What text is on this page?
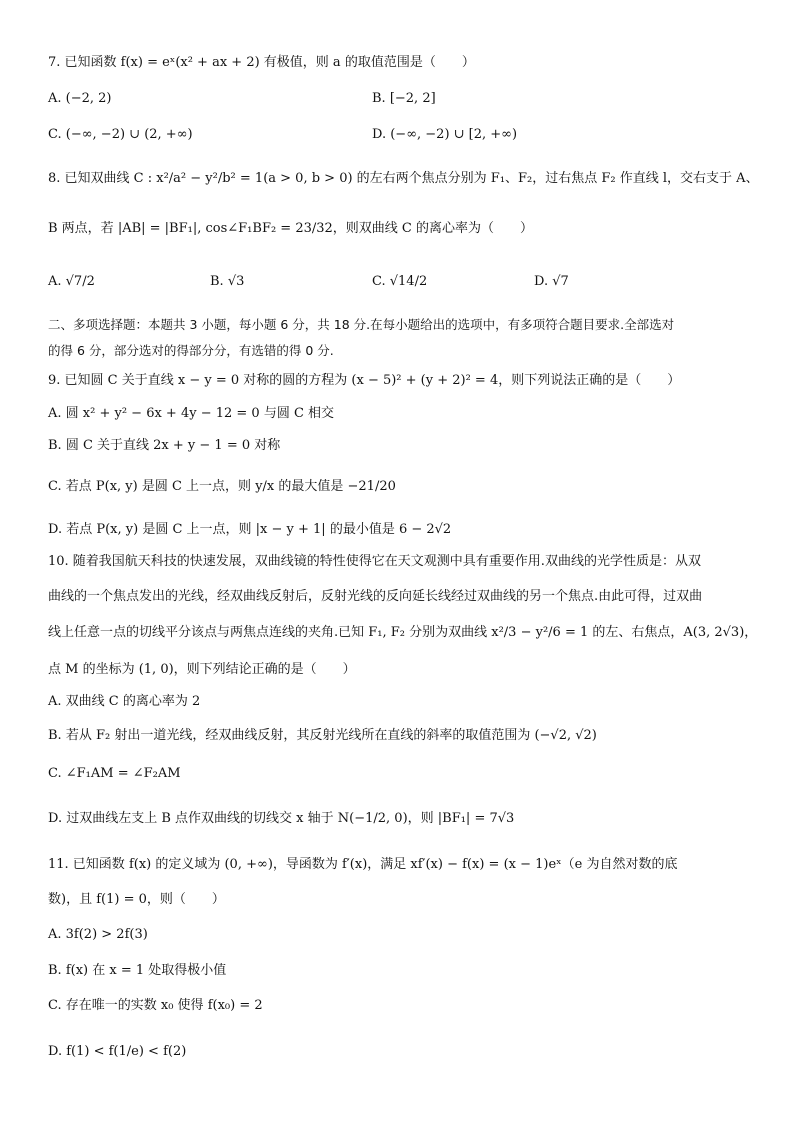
7. 已知函数 f(x) = eˣ(x² + ax + 2) 有极值，则 a 的取值范围是（　　）
A. (−2, 2)	B. [−2, 2]
C. (−∞, −2) ∪ (2, +∞)	D. (−∞, −2) ∪ [2, +∞)
8. 已知双曲线 C : x²/a² − y²/b² = 1(a > 0, b > 0) 的左右两个焦点分别为 F₁、F₂，过右焦点 F₂ 作直线 l，交右支于 A、
B 两点，若 |AB| = |BF₁|, cos∠F₁BF₂ = 23/32，则双曲线 C 的离心率为（　　）
A. √7/2	B. √3	C. √14/2	D. √7
二、多项选择题：本题共 3 小题，每小题 6 分，共 18 分.在每小题给出的选项中，有多项符合题目要求.全部选对
的得 6 分，部分选对的得部分分，有选错的得 0 分.
9. 已知圆 C 关于直线 x − y = 0 对称的圆的方程为 (x − 5)² + (y + 2)² = 4，则下列说法正确的是（　　）
A. 圆 x² + y² − 6x + 4y − 12 = 0 与圆 C 相交
B. 圆 C 关于直线 2x + y − 1 = 0 对称
C. 若点 P(x, y) 是圆 C 上一点，则 y/x 的最大值是 −21/20
D. 若点 P(x, y) 是圆 C 上一点，则 |x − y + 1| 的最小值是 6 − 2√2
10. 随着我国航天科技的快速发展，双曲线镜的特性使得它在天文观测中具有重要作用.双曲线的光学性质是：从双
曲线的一个焦点发出的光线，经双曲线反射后，反射光线的反向延长线经过双曲线的另一个焦点.由此可得，过双曲
线上任意一点的切线平分该点与两焦点连线的夹角.已知 F₁, F₂ 分别为双曲线 x²/3 − y²/6 = 1 的左、右焦点，A(3, 2√3)，
点 M 的坐标为 (1, 0)，则下列结论正确的是（　　）
A. 双曲线 C 的离心率为 2
B. 若从 F₂ 射出一道光线，经双曲线反射，其反射光线所在直线的斜率的取值范围为 (−√2, √2)
C. ∠F₁AM = ∠F₂AM
D. 过双曲线左支上 B 点作双曲线的切线交 x 轴于 N(−1/2, 0)，则 |BF₁| = 7√3
11. 已知函数 f(x) 的定义域为 (0, +∞)，导函数为 f′(x)，满足 xf′(x) − f(x) = (x − 1)eˣ（e 为自然对数的底
数)，且 f(1) = 0，则（　　）
A. 3f(2) > 2f(3)
B. f(x) 在 x = 1 处取得极小值
C. 存在唯一的实数 x₀ 使得 f(x₀) = 2
D. f(1) < f(1/e) < f(2)
